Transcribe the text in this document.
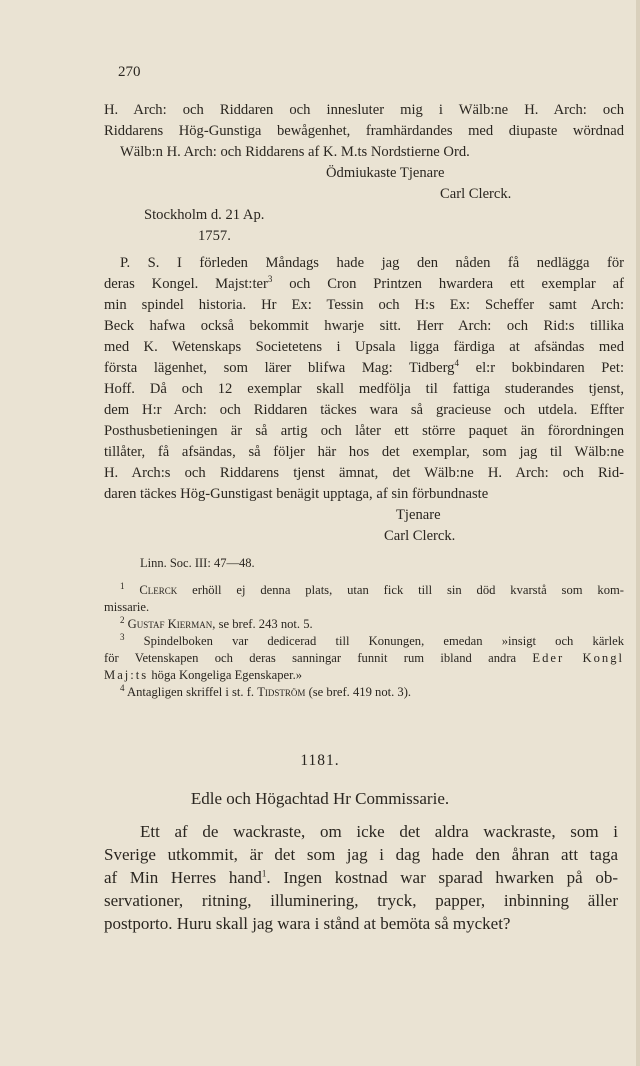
270
H. Arch: och Riddaren och innesluter mig i Wälb:ne H. Arch: och
Riddarens Hög-Gunstiga bewågenhet, framhärdandes med diupaste wördnad
Wälb:n H. Arch: och Riddarens af K. M.ts Nordstierne Ord.
Ödmiukaste Tjenare
Carl Clerck.
Stockholm d. 21 Ap.
1757.
P. S. I förleden Måndags hade jag den nåden få nedlägga för
deras Kongel. Majst:ter$^3$ och Cron Printzen hwardera ett exemplar af
min spindel historia. Hr Ex: Tessin och H:s Ex: Scheffer samt Arch:
Beck hafwa också bekommit hwarje sitt. Herr Arch: och Rid:s tillika
med K. Wetenskaps Societetens i Upsala ligga färdiga at afsändas med
första lägenhet, som lärer blifwa Mag: Tidberg$^4$ el:r bokbindaren Pet:
Hoff. Då och 12 exemplar skall medfölja til fattiga studerandes tjenst,
dem H:r Arch: och Riddaren täckes wara så gracieuse och utdela. Effter
Posthusbetieningen är så artig och låter ett större paquet än förordningen
tillåter, få afsändas, så följer här hos det exemplar, som jag til Wälb:ne
H. Arch:s och Riddarens tjenst ämnat, det Wälb:ne H. Arch: och Rid-
daren täckes Hög-Gunstigast benägit upptaga, af sin förbundnaste
Tjenare
Carl Clerck.
Linn. Soc. III: 47—48.
$^1$ Clerck erhöll ej denna plats, utan fick till sin död kvarstå som kom-
missarie.
$^2$ Gustaf Kierman, se bref. 243 not. 5.
$^3$ Spindelboken var dedicerad till Konungen, emedan »insigt och kärlek
för Vetenskapen och deras sanningar funnit rum ibland andra Eder Kongl
Maj:ts höga Kongeliga Egenskaper.»
$^4$ Antagligen skriffel i st. f. Tidström (se bref. 419 not. 3).
1181.
Edle och Högachtad Hr Commissarie.
Ett af de wackraste, om icke det aldra wackraste, som i
Sverige utkommit, är det som jag i dag hade den åhran att taga
af Min Herres hand$^1$. Ingen kostnad war sparad hwarken på ob-
servationer, ritning, illuminering, tryck, papper, inbinning äller
postporto. Huru skall jag wara i stånd at bemöta så mycket?
